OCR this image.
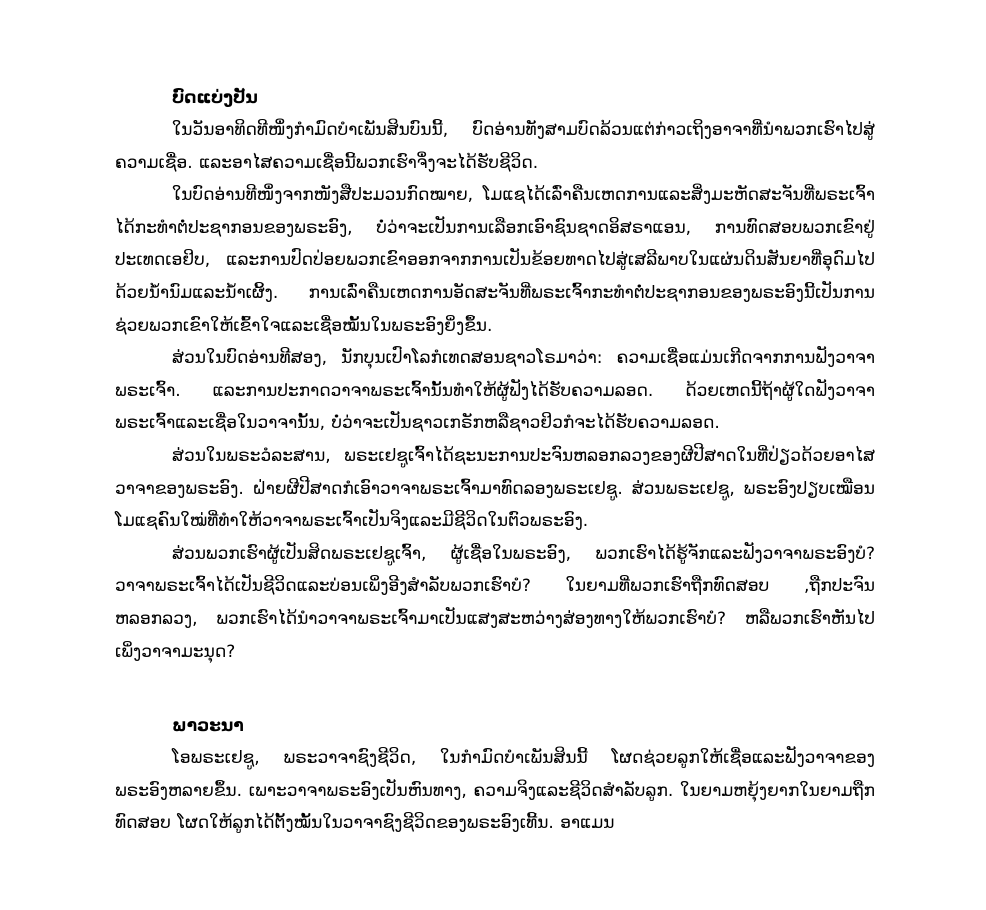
ບົດແບ່ງປັນ

ໃນວັນອາທິດທີໜຶ່ງກໍາມົດບໍາເພັນສິນບົນນີ້, ບົດອ່ານທັງສາມບົດລ້ວນແຕ່ກ່າວເຖິງອາຈາທີ່ນໍາພວກເຮົາໄປສູ່ຄວາມເຊື່ອ. ແລະອາໄສຄວາມເຊື່ອນີ້ພວກເຮົາຈຶ່ງຈະໄດ້ຮັບຊີວິດ.

ໃນບົດອ່ານທີໜຶ່ງຈາກໜັງສືປະມວນກົດໝາຍ, ໂມແຊໄດ້ເລົ່າຄືນເຫດການແລະສິ່ງມະຫັດສະຈັນທີ່ພຣະເຈົ້າໄດ້ກະທໍາຕໍ່ປະຊາກອນຂອງພຣະອົງ, ບໍ່ວ່າຈະເປັນການເລືອກເອົາຊົນຊາດອິສຣາແອນ, ການທົດສອບພວກເຂົາຢູ່ປະເທດເອຢິບ, ແລະການປົດປ່ອຍພວກເຂົາອອກຈາກການເປັນຂ້ອຍທາດໄປສູ່ເສລີພາບໃນແຜ່ນດິນສັນຍາທີ່ອຸດົມໄປດ້ວຍນໍ້ານົມແລະນໍ້າເຜິ້ງ. ການເລົ່າຄືນເຫດການອັດສະຈັນທີ່ພຣະເຈົ້າກະທໍາຕໍ່ປະຊາກອນຂອງພຣະອົງນີ້ເປັນການຊ່ວຍພວກເຂົາໃຫ້ເຂົ້າໃຈແລະເຊື່ອໝັ້ນໃນພຣະອົງຍິ່ງຂຶ້ນ.

ສ່ວນໃນບົດອ່ານທີສອງ, ນັກບຸນເປົາໂລກໍເທດສອນຊາວໂຣມາວ່າ: ຄວາມເຊື່ອແມ່ນເກີດຈາກການຟັງວາຈາພຣະເຈົ້າ. ແລະການປະກາດວາຈາພຣະເຈົ້ານັ້ນທໍາໃຫ້ຜູ້ຟັງໄດ້ຮັບຄວາມລອດ. ດ້ວຍເຫດນີ້ຖ້າຜູ້ໃດຟັງວາຈາພຣະເຈົ້າແລະເຊື່ອໃນວາຈານັ້ນ, ບໍ່ວ່າຈະເປັນຊາວເກຣັກຫລືຊາວຢິວກໍຈະໄດ້ຮັບຄວາມລອດ.

ສ່ວນໃນພຣະວໍລະສານ, ພຣະເຢຊູເຈົ້າໄດ້ຊະນະການປະຈົນຫລອກລວງຂອງຜີປີສາດໃນທີ່ປ່ຽວດ້ວຍອາໄສວາຈາຂອງພຣະອົງ. ຝ່າຍຜີປີສາດກໍເອົາວາຈາພຣະເຈົ້າມາທົດລອງພຣະເຢຊູ. ສ່ວນພຣະເຢຊູ, ພຣະອົງປຽບເໝືອນໂມແຊຄົນໃໝ່ທີ່ທໍາໃຫ້ວາຈາພຣະເຈົ້າເປັນຈິງແລະມີຊີວິດໃນຕົວພຣະອົງ.

ສ່ວນພວກເຮົາຜູ້ເປັນສິດພຣະເຢຊູເຈົ້າ, ຜູ້ເຊື່ອໃນພຣະອົງ, ພວກເຮົາໄດ້ຮູ້ຈັກແລະຟັງວາຈາພຣະອົງບໍ? ວາຈາພຣະເຈົ້າໄດ້ເປັນຊີວິດແລະບ່ອນເພິ່ງອີງສໍາລັບພວກເຮົາບໍ? ໃນຍາມທີ່ພວກເຮົາຖືກທົດສອບ ,ຖືກປະຈົນຫລອກລວງ, ພວກເຮົາໄດ້ນໍາວາຈາພຣະເຈົ້າມາເປັນແສງສະຫວ່າງສ່ອງທາງໃຫ້ພວກເຮົາບໍ? ຫລືພວກເຮົາຫັນໄປເພິ່ງວາຈາມະນຸດ?

ພາວະນາ

ໂອພຣະເຢຊູ, ພຣະວາຈາຊົງຊີວິດ, ໃນກໍາມົດບໍາເພັນສິນນີ້ ໂຜດຊ່ວຍລູກໃຫ້ເຊື່ອແລະຟັງວາຈາຂອງພຣະອົງຫລາຍຂຶ້ນ. ເພາະວາຈາພຣະອົງເປັນຫົນທາງ, ຄວາມຈິງແລະຊີວິດສໍາລັບລູກ. ໃນຍາມຫຍຸ້ງຍາກໃນຍາມຖືກທົດສອບ ໂຜດໃຫ້ລູກໄດ້ຕັ້ງໝັ້ນໃນວາຈາຊົງຊີວິດຂອງພຣະອົງເທີ້ນ. ອາແມນ
